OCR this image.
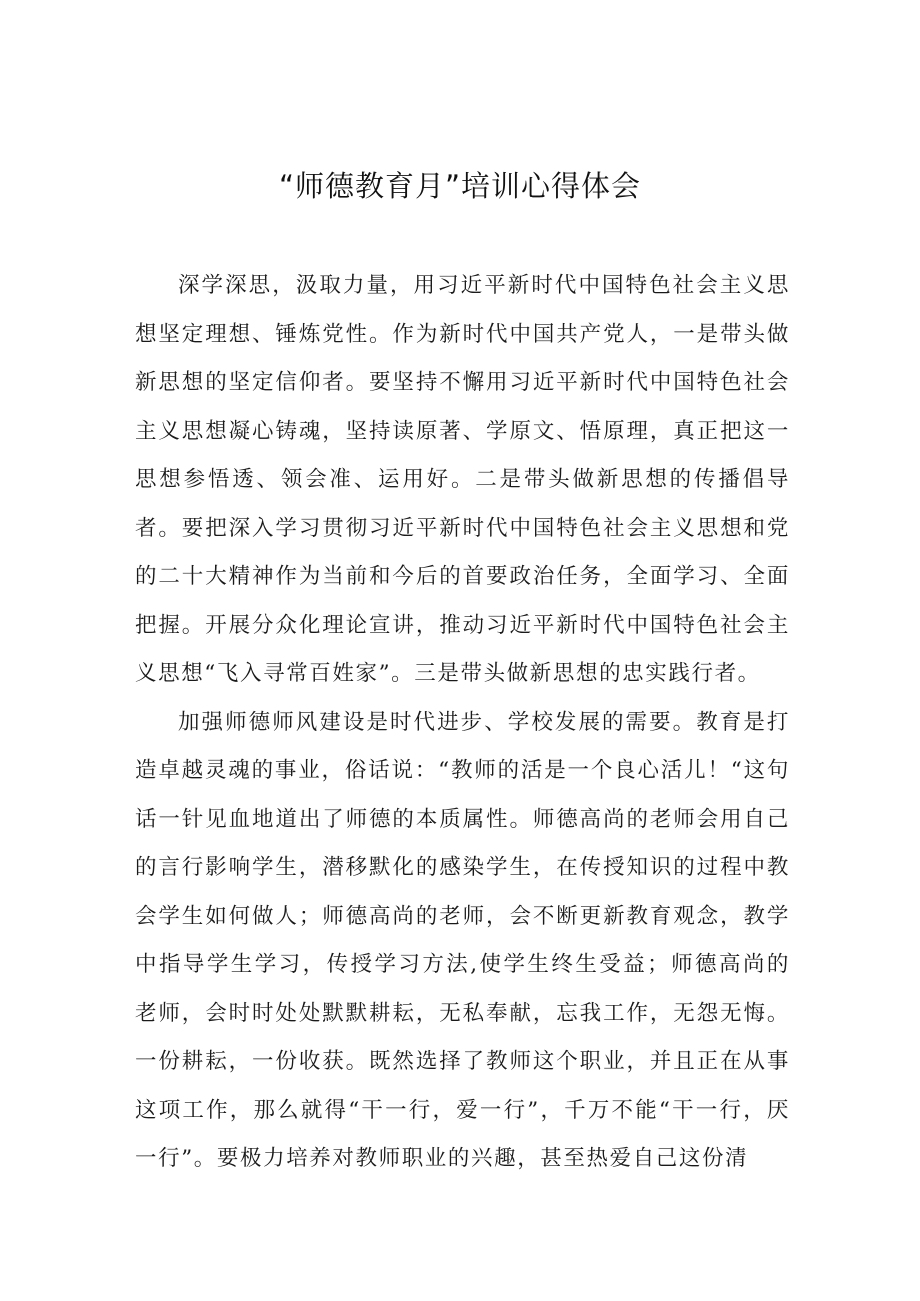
“师德教育月”培训心得体会

深学深思，汲取力量，用习近平新时代中国特色社会主义思想坚定理想、锤炼党性。作为新时代中国共产党人，一是带头做新思想的坚定信仰者。要坚持不懈用习近平新时代中国特色社会主义思想凝心铸魂，坚持读原著、学原文、悟原理，真正把这一思想参悟透、领会准、运用好。二是带头做新思想的传播倡导者。要把深入学习贯彻习近平新时代中国特色社会主义思想和党的二十大精神作为当前和今后的首要政治任务，全面学习、全面把握。开展分众化理论宣讲，推动习近平新时代中国特色社会主义思想“飞入寻常百姓家”。三是带头做新思想的忠实践行者。

加强师德师风建设是时代进步、学校发展的需要。教育是打造卓越灵魂的事业，俗话说：“教师的活是一个良心活儿！“这句话一针见血地道出了师德的本质属性。师德高尚的老师会用自己的言行影响学生，潜移默化的感染学生，在传授知识的过程中教会学生如何做人；师德高尚的老师，会不断更新教育观念，教学中指导学生学习，传授学习方法,使学生终生受益；师德高尚的老师，会时时处处默默耕耘，无私奉献，忘我工作，无怨无悔。一份耕耘，一份收获。既然选择了教师这个职业，并且正在从事这项工作，那么就得“干一行，爱一行”，千万不能“干一行，厌一行”。要极力培养对教师职业的兴趣，甚至热爱自己这份清
